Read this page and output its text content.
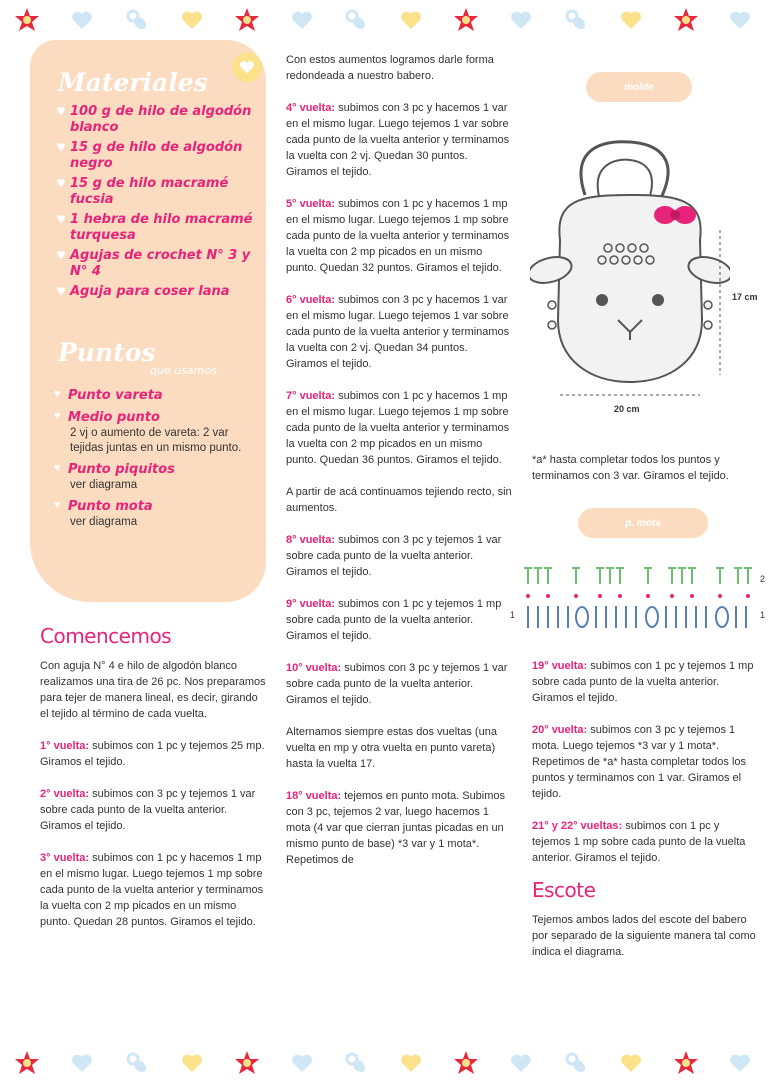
Materiales
♥ 100 g de hilo de algodón blanco
♥ 15 g de hilo de algodón negro
♥ 15 g de hilo macramé fucsia
♥ 1 hebra de hilo macramé turquesa
♥ Agujas de crochet N° 3 y N° 4
♥ Aguja para coser lana
Puntos
que usamos
♥ Punto vareta
♥ Medio punto
2 vj o aumento de vareta: 2 var tejidas juntas en un mismo punto.
♥ Punto piquitos
ver diagrama
♥ Punto mota
ver diagrama
Comencemos

Con aguja N° 4 e hilo de algodón blanco realizamos una tira de 26 pc. Nos preparamos para tejer de manera lineal, es decir, girando el tejido al término de cada vuelta.

1° vuelta: subimos con 1 pc y tejemos 25 mp. Giramos el tejido.

2° vuelta: subimos con 3 pc y tejemos 1 var sobre cada punto de la vuelta anterior. Giramos el tejido.

3° vuelta: subimos con 1 pc y hacemos 1 mp en el mismo lugar. Luego tejemos 1 mp sobre cada punto de la vuelta anterior y terminamos la vuelta con 2 mp picados en un mismo punto. Quedan 28 puntos. Giramos el tejido.

Con estos aumentos logramos darle forma redondeada a nuestro babero.

4° vuelta: subimos con 3 pc y hacemos 1 var en el mismo lugar. Luego tejemos 1 var sobre cada punto de la vuelta anterior y terminamos la vuelta con 2 vj. Quedan 30 puntos. Giramos el tejido.

5° vuelta: subimos con 1 pc y hacemos 1 mp en el mismo lugar. Luego tejemos 1 mp sobre cada punto de la vuelta anterior y terminamos la vuelta con 2 mp picados en un mismo punto. Quedan 32 puntos. Giramos el tejido.

6° vuelta: subimos con 3 pc y hacemos 1 var en el mismo lugar. Luego tejemos 1 var sobre cada punto de la vuelta anterior y terminamos la vuelta con 2 vj. Quedan 34 puntos. Giramos el tejido.

7° vuelta: subimos con 1 pc y hacemos 1 mp en el mismo lugar. Luego tejemos 1 mp sobre cada punto de la vuelta anterior y terminamos la vuelta con 2 mp picados en un mismo punto. Quedan 36 puntos. Giramos el tejido.

A partir de acá continuamos tejiendo recto, sin aumentos.

8° vuelta: subimos con 3 pc y tejemos 1 var sobre cada punto de la vuelta anterior. Giramos el tejido.

9° vuelta: subimos con 1 pc y tejemos 1 mp sobre cada punto de la vuelta anterior. Giramos el tejido.

10° vuelta: subimos con 3 pc y tejemos 1 var sobre cada punto de la vuelta anterior. Giramos el tejido.

Alternamos siempre estas dos vueltas (una vuelta en mp y otra vuelta en punto vareta) hasta la vuelta 17.

18° vuelta: tejemos en punto mota. Subimos con 3 pc, tejemos 2 var, luego hacemos 1 mota (4 var que cierran juntas picadas en un mismo punto de base) *3 var y 1 mota*. Repetimos de

molde
17 cm
20 cm

*a* hasta completar todos los puntos y terminamos con 3 var. Giramos el tejido.

p. mota
2
1	1

19° vuelta: subimos con 1 pc y tejemos 1 mp sobre cada punto de la vuelta anterior. Giramos el tejido.

20° vuelta: subimos con 3 pc y tejemos 1 mota. Luego tejemos *3 var y 1 mota*. Repetimos de *a* hasta completar todos los puntos y terminamos con 1 var. Giramos el tejido.

21° y 22° vueltas: subimos con 1 pc y tejemos 1 mp sobre cada punto de la vuelta anterior. Giramos el tejido.

Escote

Tejemos ambos lados del escote del babero por separado de la siguiente manera tal como indica el diagrama.
